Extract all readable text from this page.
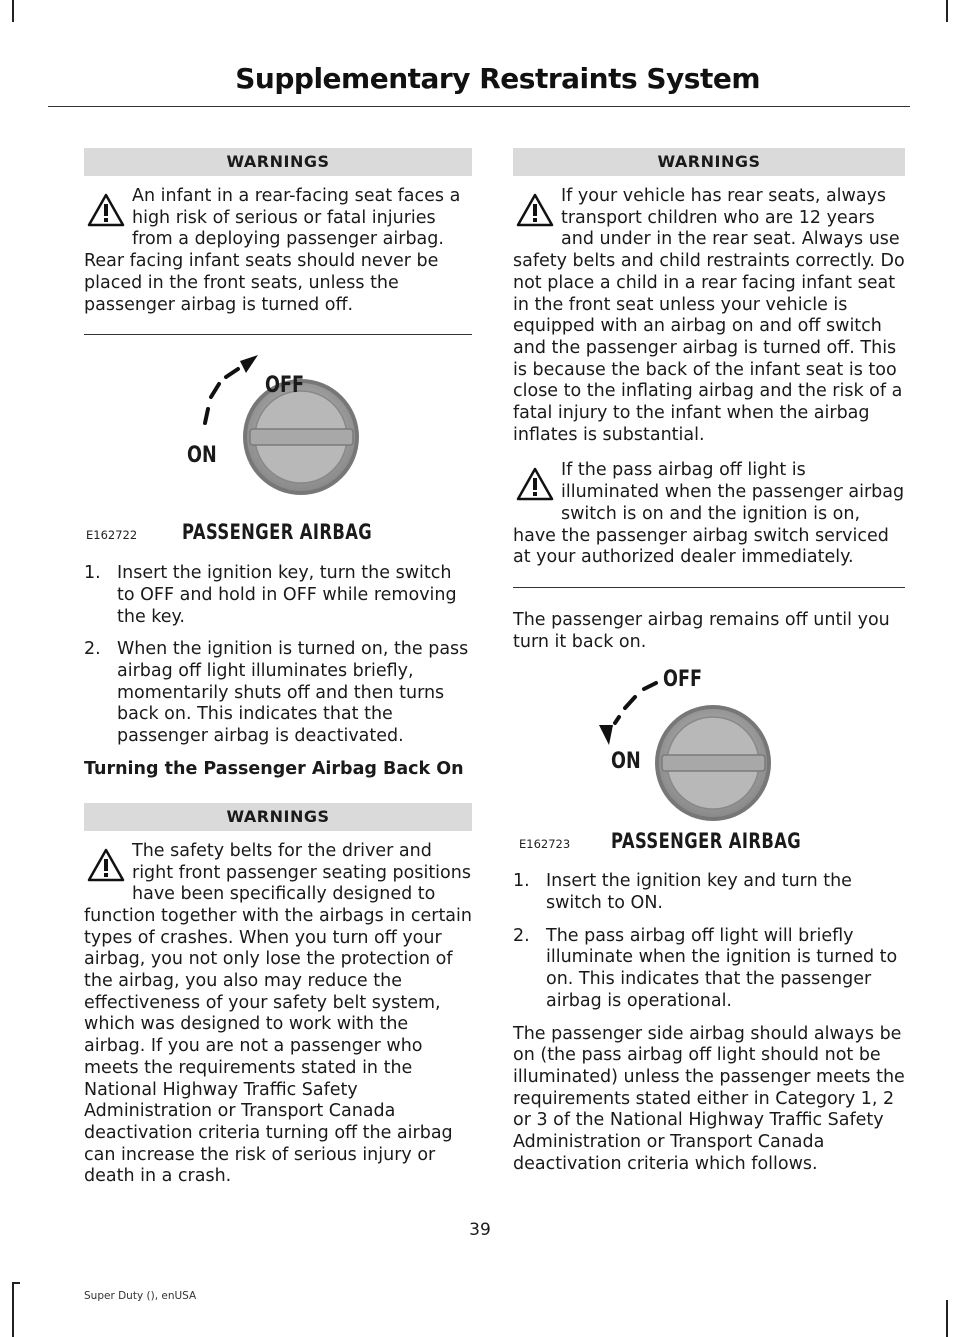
Supplementary Restraints System
WARNINGS

An infant in a rear-facing seat faces a high risk of serious or fatal injuries from a deploying passenger airbag. Rear facing infant seats should never be placed in the front seats, unless the passenger airbag is turned off.

OFF
ON
E162722 PASSENGER AIRBAG
1. Insert the ignition key, turn the switch to OFF and hold in OFF while removing the key.
2. When the ignition is turned on, the pass airbag off light illuminates briefly, momentarily shuts off and then turns back on. This indicates that the passenger airbag is deactivated.

Turning the Passenger Airbag Back On

WARNINGS

The safety belts for the driver and right front passenger seating positions have been specifically designed to function together with the airbags in certain types of crashes. When you turn off your airbag, you not only lose the protection of the airbag, you also may reduce the effectiveness of your safety belt system, which was designed to work with the airbag. If you are not a passenger who meets the requirements stated in the National Highway Traffic Safety Administration or Transport Canada deactivation criteria turning off the airbag can increase the risk of serious injury or death in a crash.

WARNINGS

If your vehicle has rear seats, always transport children who are 12 years and under in the rear seat. Always use safety belts and child restraints correctly. Do not place a child in a rear facing infant seat in the front seat unless your vehicle is equipped with an airbag on and off switch and the passenger airbag is turned off. This is because the back of the infant seat is too close to the inflating airbag and the risk of a fatal injury to the infant when the airbag inflates is substantial.

If the pass airbag off light is illuminated when the passenger airbag switch is on and the ignition is on, have the passenger airbag switch serviced at your authorized dealer immediately.

The passenger airbag remains off until you turn it back on.

OFF
ON
E162723 PASSENGER AIRBAG
1. Insert the ignition key and turn the switch to ON.
2. The pass airbag off light will briefly illuminate when the ignition is turned to on. This indicates that the passenger airbag is operational.

The passenger side airbag should always be on (the pass airbag off light should not be illuminated) unless the passenger meets the requirements stated either in Category 1, 2 or 3 of the National Highway Traffic Safety Administration or Transport Canada deactivation criteria which follows.

39
Super Duty (), enUSA
